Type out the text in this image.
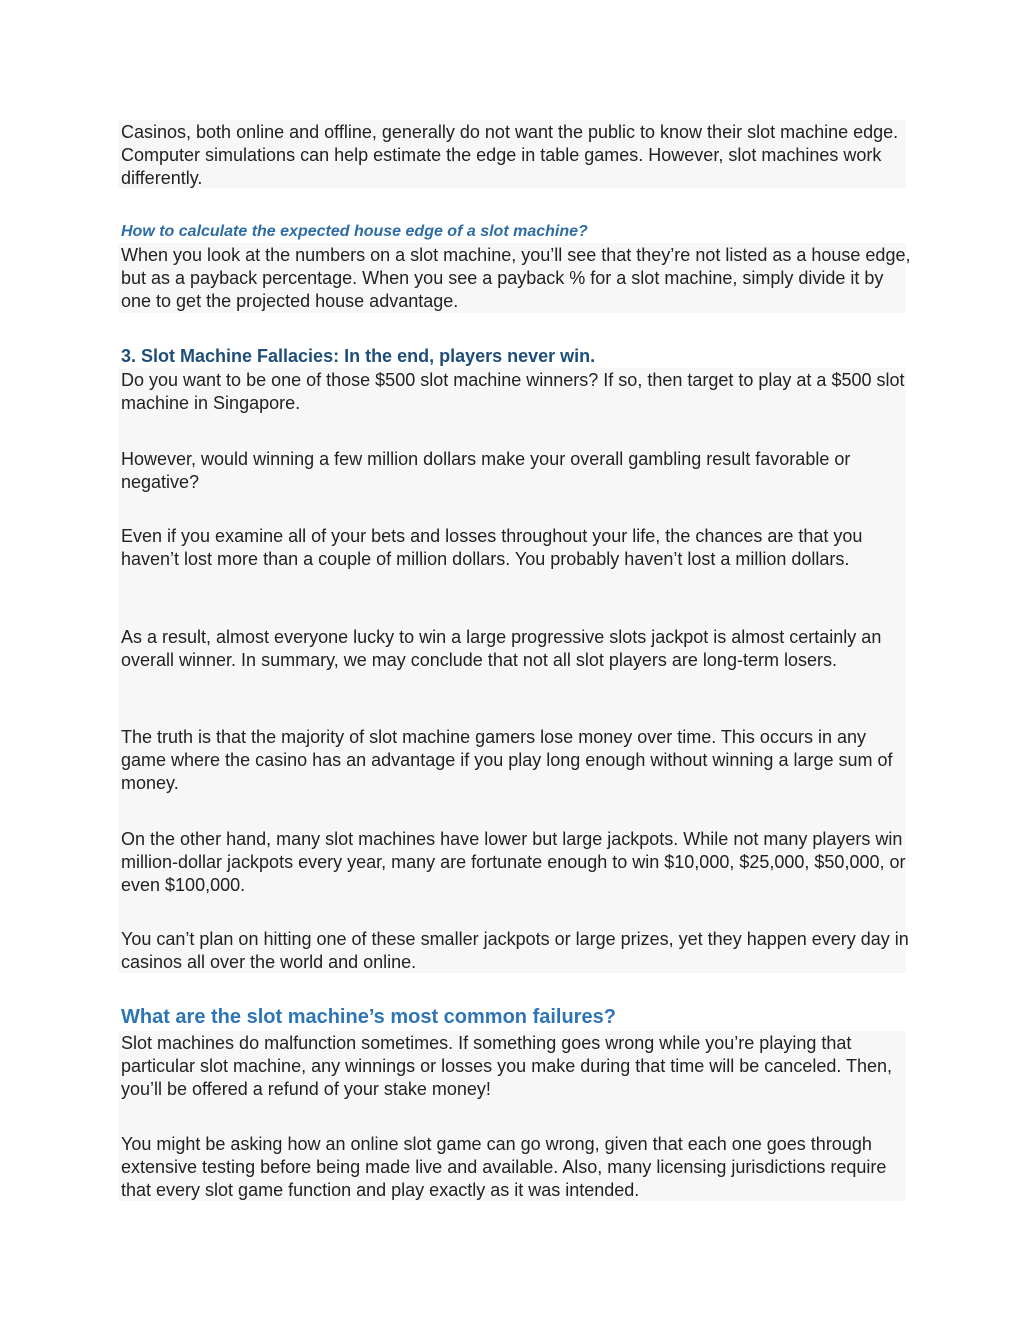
Casinos, both online and offline, generally do not want the public to know their slot machine edge. Computer simulations can help estimate the edge in table games. However, slot machines work differently.

How to calculate the expected house edge of a slot machine?

When you look at the numbers on a slot machine, you’ll see that they’re not listed as a house edge, but as a payback percentage. When you see a payback % for a slot machine, simply divide it by one to get the projected house advantage.

3. Slot Machine Fallacies: In the end, players never win.

Do you want to be one of those $500 slot machine winners? If so, then target to play at a $500 slot machine in Singapore.

However, would winning a few million dollars make your overall gambling result favorable or negative?

Even if you examine all of your bets and losses throughout your life, the chances are that you haven’t lost more than a couple of million dollars. You probably haven’t lost a million dollars.

As a result, almost everyone lucky to win a large progressive slots jackpot is almost certainly an overall winner. In summary, we may conclude that not all slot players are long-term losers.

The truth is that the majority of slot machine gamers lose money over time. This occurs in any game where the casino has an advantage if you play long enough without winning a large sum of money.

On the other hand, many slot machines have lower but large jackpots. While not many players win million-dollar jackpots every year, many are fortunate enough to win $10,000, $25,000, $50,000, or even $100,000.

You can’t plan on hitting one of these smaller jackpots or large prizes, yet they happen every day in casinos all over the world and online.

What are the slot machine’s most common failures?

Slot machines do malfunction sometimes. If something goes wrong while you’re playing that particular slot machine, any winnings or losses you make during that time will be canceled. Then, you’ll be offered a refund of your stake money!

You might be asking how an online slot game can go wrong, given that each one goes through extensive testing before being made live and available. Also, many licensing jurisdictions require that every slot game function and play exactly as it was intended.
